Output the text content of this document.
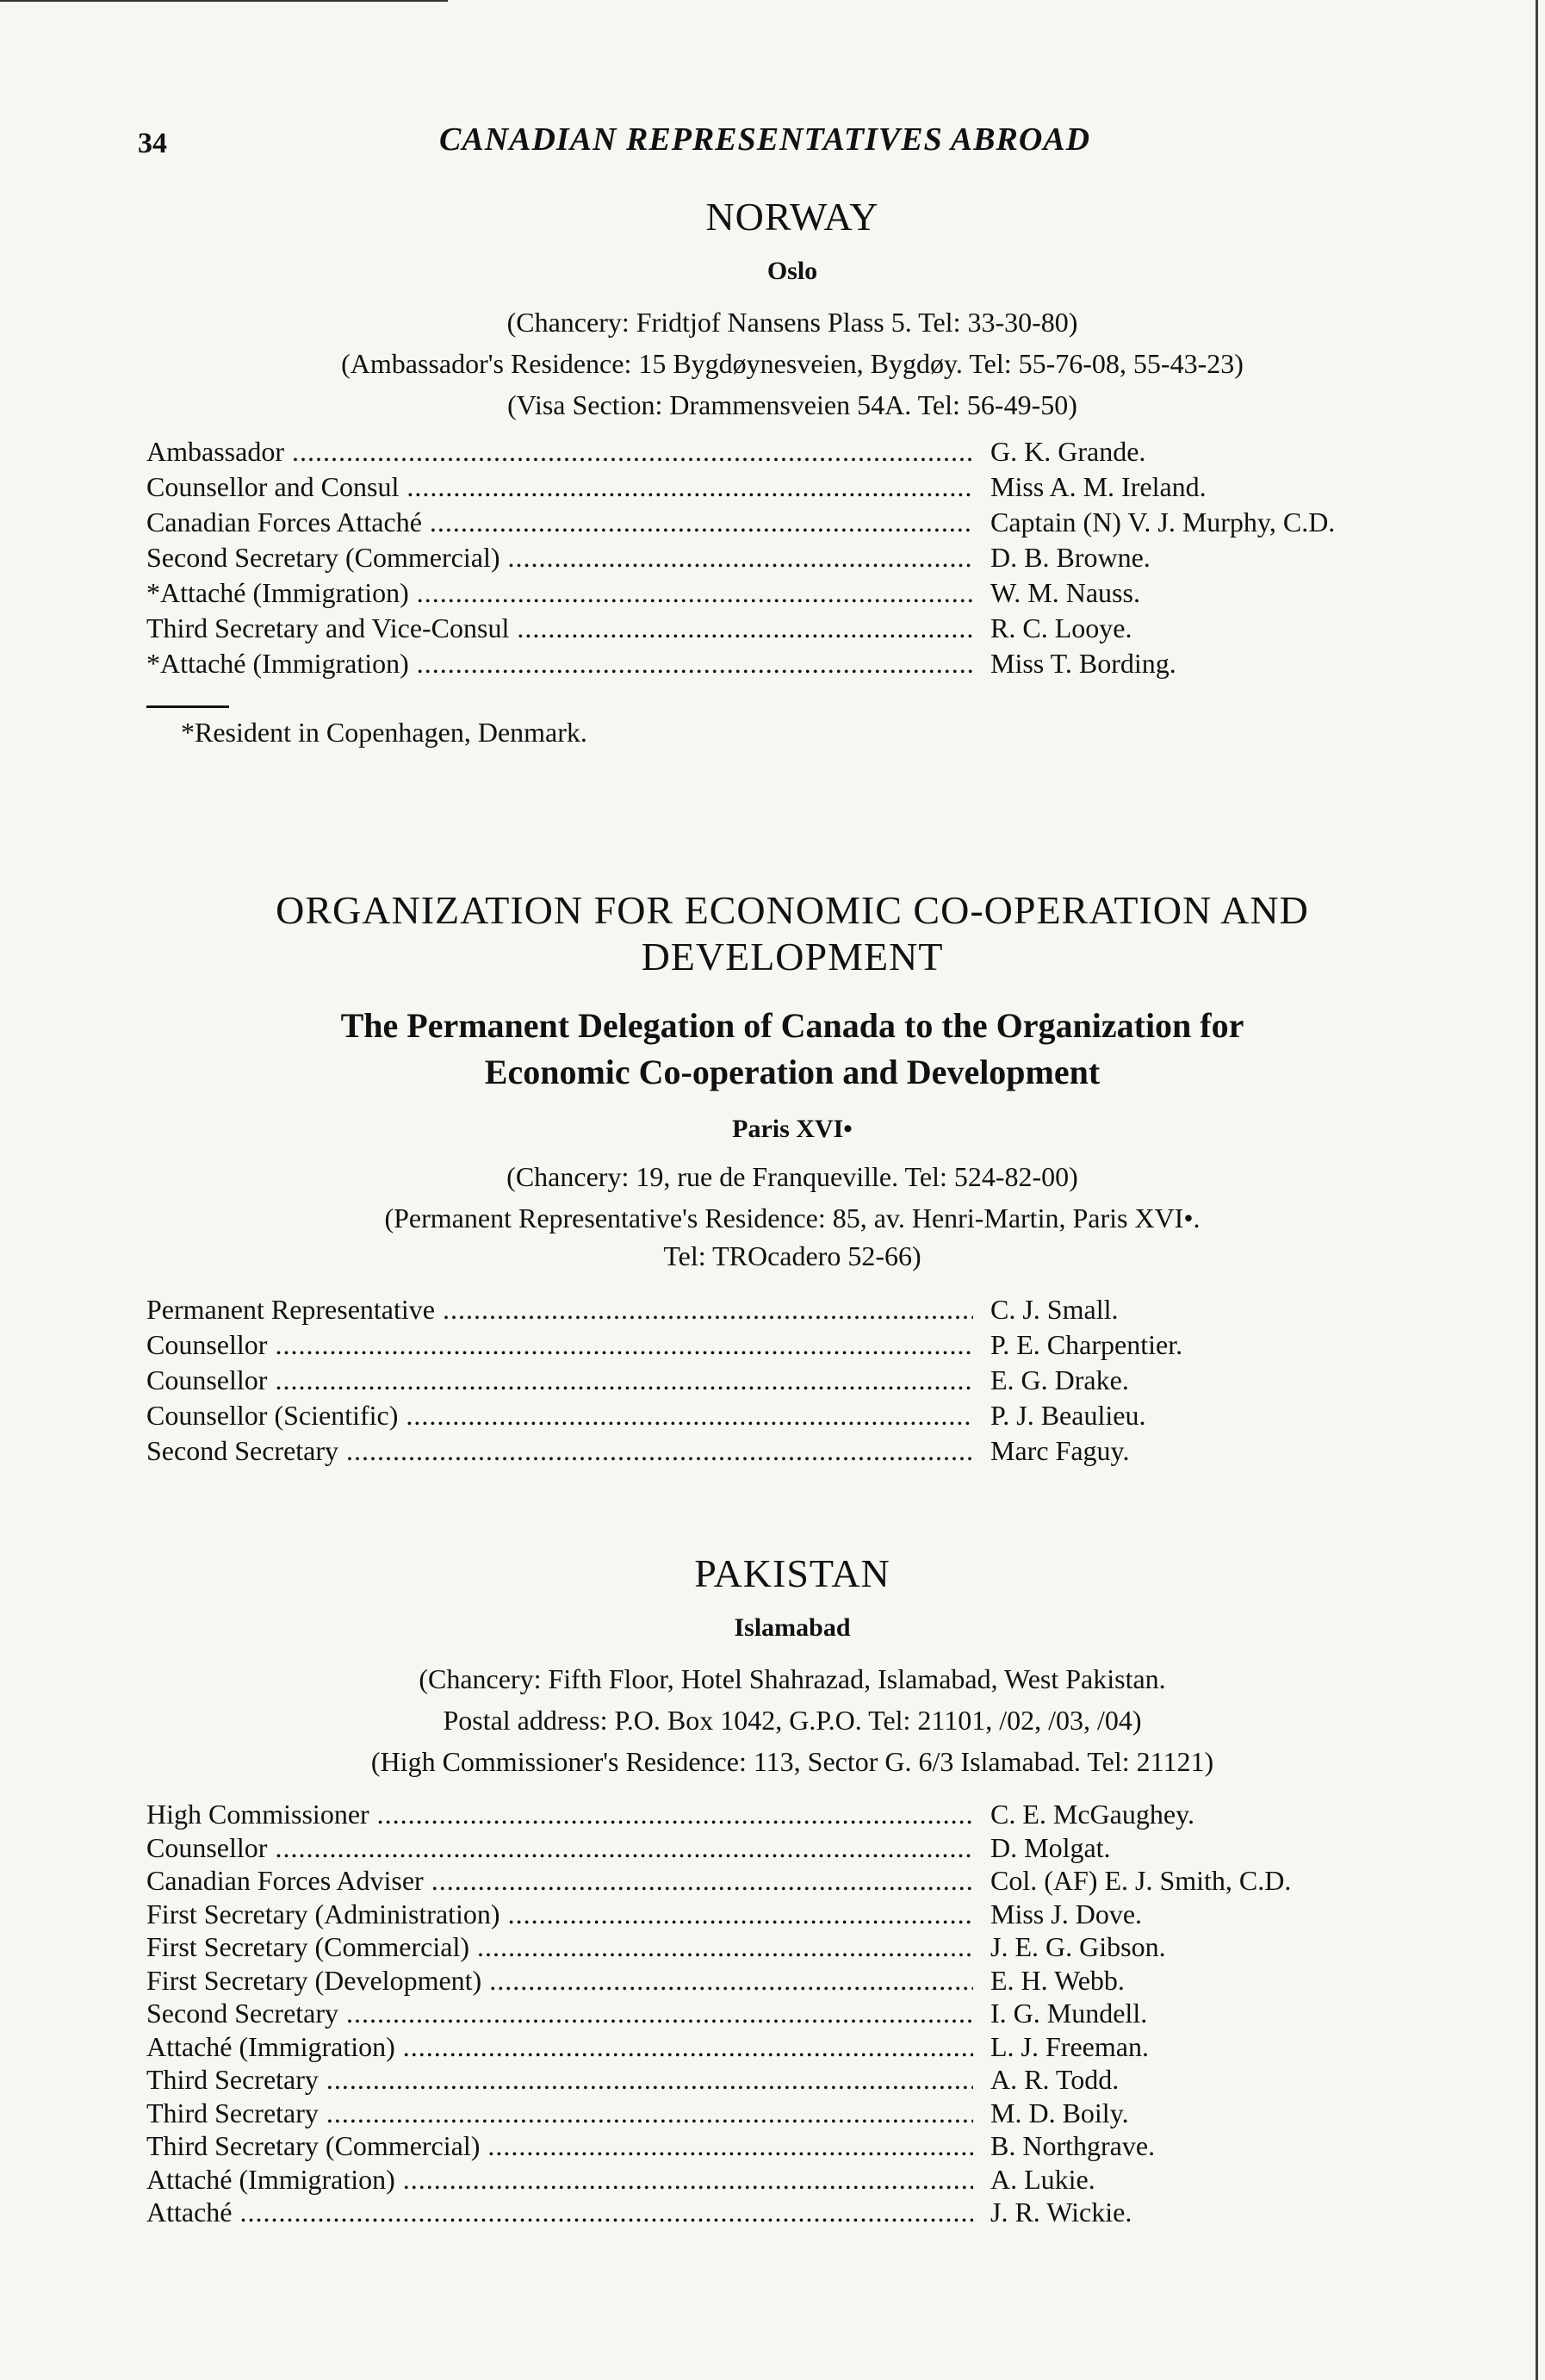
34	CANADIAN REPRESENTATIVES ABROAD
NORWAY

Oslo

(Chancery: Fridtjof Nansens Plass 5. Tel: 33-30-80)

(Ambassador's Residence: 15 Bygdøynesveien, Bygdøy. Tel: 55-76-08, 55-43-23)

(Visa Section: Drammensveien 54A. Tel: 56-49-50)

Ambassador .....	G. K. Grande.
Counsellor and Consul .....	Miss A. M. Ireland.
Canadian Forces Attaché .....	Captain (N) V. J. Murphy, C.D.
Second Secretary (Commercial) .....	D. B. Browne.
*Attaché (Immigration) .....	W. M. Nauss.
Third Secretary and Vice-Consul .....	R. C. Looye.
*Attaché (Immigration) .....	Miss T. Bording.
*Resident in Copenhagen, Denmark.
ORGANIZATION FOR ECONOMIC CO-OPERATION AND
DEVELOPMENT

The Permanent Delegation of Canada to the Organization for

Economic Co-operation and Development

Paris XVI•

(Chancery: 19, rue de Franqueville. Tel: 524-82-00)

(Permanent Representative's Residence: 85, av. Henri-Martin, Paris XVI•.

Tel: TROcadero 52-66)

Permanent Representative .....	C. J. Small.
Counsellor .....	P. E. Charpentier.
Counsellor .....	E. G. Drake.
Counsellor (Scientific) .....	P. J. Beaulieu.
Second Secretary .....	Marc Faguy.
PAKISTAN

Islamabad

(Chancery: Fifth Floor, Hotel Shahrazad, Islamabad, West Pakistan.

Postal address: P.O. Box 1042, G.P.O. Tel: 21101, /02, /03, /04)

(High Commissioner's Residence: 113, Sector G. 6/3 Islamabad. Tel: 21121)

High Commissioner .....	C. E. McGaughey.
Counsellor .....	D. Molgat.
Canadian Forces Adviser .....	Col. (AF) E. J. Smith, C.D.
First Secretary (Administration) .....	Miss J. Dove.
First Secretary (Commercial) .....	J. E. G. Gibson.
First Secretary (Development) .....	E. H. Webb.
Second Secretary .....	I. G. Mundell.
Attaché (Immigration) .....	L. J. Freeman.
Third Secretary .....	A. R. Todd.
Third Secretary .....	M. D. Boily.
Third Secretary (Commercial) .....	B. Northgrave.
Attaché (Immigration) .....	A. Lukie.
Attaché .....	J. R. Wickie.
